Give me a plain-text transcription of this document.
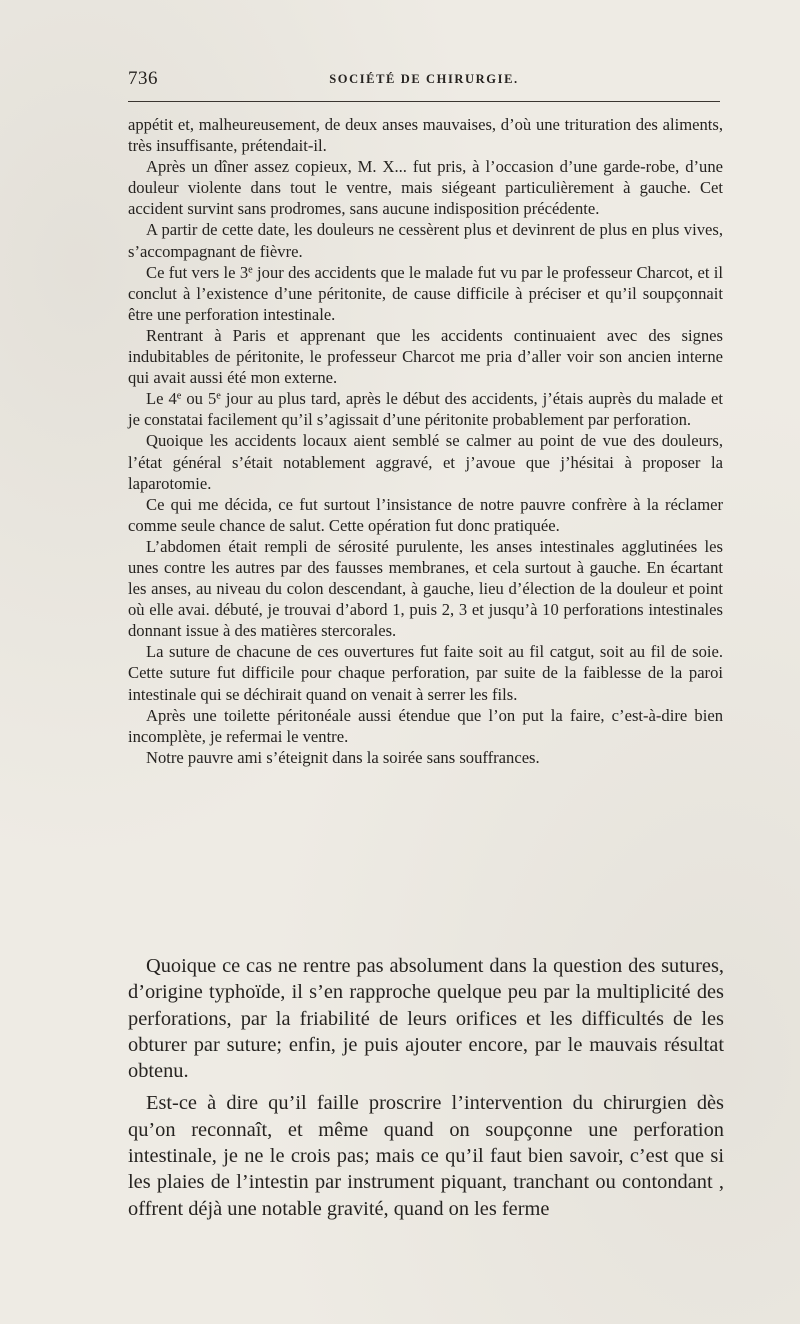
736	SOCIÉTÉ DE CHIRURGIE.

appétit et, malheureusement, de deux anses mauvaises, d’où une trituration des aliments, très insuffisante, prétendait-il.

Après un dîner assez copieux, M. X... fut pris, à l’occasion d’une garde-robe, d’une douleur violente dans tout le ventre, mais siégeant particulièrement à gauche. Cet accident survint sans prodromes, sans aucune indisposition précédente.

A partir de cette date, les douleurs ne cessèrent plus et devinrent de plus en plus vives, s’accompagnant de fièvre.

Ce fut vers le 3e jour des accidents que le malade fut vu par le professeur Charcot, et il conclut à l’existence d’une péritonite, de cause difficile à préciser et qu’il soupçonnait être une perforation intestinale.

Rentrant à Paris et apprenant que les accidents continuaient avec des signes indubitables de péritonite, le professeur Charcot me pria d’aller voir son ancien interne qui avait aussi été mon externe.

Le 4e ou 5e jour au plus tard, après le début des accidents, j’étais auprès du malade et je constatai facilement qu’il s’agissait d’une péritonite probablement par perforation.

Quoique les accidents locaux aient semblé se calmer au point de vue des douleurs, l’état général s’était notablement aggravé, et j’avoue que j’hésitai à proposer la laparotomie.

Ce qui me décida, ce fut surtout l’insistance de notre pauvre confrère à la réclamer comme seule chance de salut. Cette opération fut donc pratiquée.

L’abdomen était rempli de sérosité purulente, les anses intestinales agglutinées les unes contre les autres par des fausses membranes, et cela surtout à gauche. En écartant les anses, au niveau du colon descendant, à gauche, lieu d’élection de la douleur et point où elle avai. débuté, je trouvai d’abord 1, puis 2, 3 et jusqu’à 10 perforations intestinales donnant issue à des matières stercorales.

La suture de chacune de ces ouvertures fut faite soit au fil catgut, soit au fil de soie. Cette suture fut difficile pour chaque perforation, par suite de la faiblesse de la paroi intestinale qui se déchirait quand on venait à serrer les fils.

Après une toilette péritonéale aussi étendue que l’on put la faire, c’est-à-dire bien incomplète, je refermai le ventre.

Notre pauvre ami s’éteignit dans la soirée sans souffrances.

Quoique ce cas ne rentre pas absolument dans la question des sutures, d’origine typhoïde, il s’en rapproche quelque peu par la multiplicité des perforations, par la friabilité de leurs orifices et les difficultés de les obturer par suture; enfin, je puis ajouter encore, par le mauvais résultat obtenu.

Est-ce à dire qu’il faille proscrire l’intervention du chirurgien dès qu’on reconnaît, et même quand on soupçonne une perforation intestinale, je ne le crois pas; mais ce qu’il faut bien savoir, c’est que si les plaies de l’intestin par instrument piquant, tranchant ou contondant , offrent déjà une notable gravité, quand on les ferme
